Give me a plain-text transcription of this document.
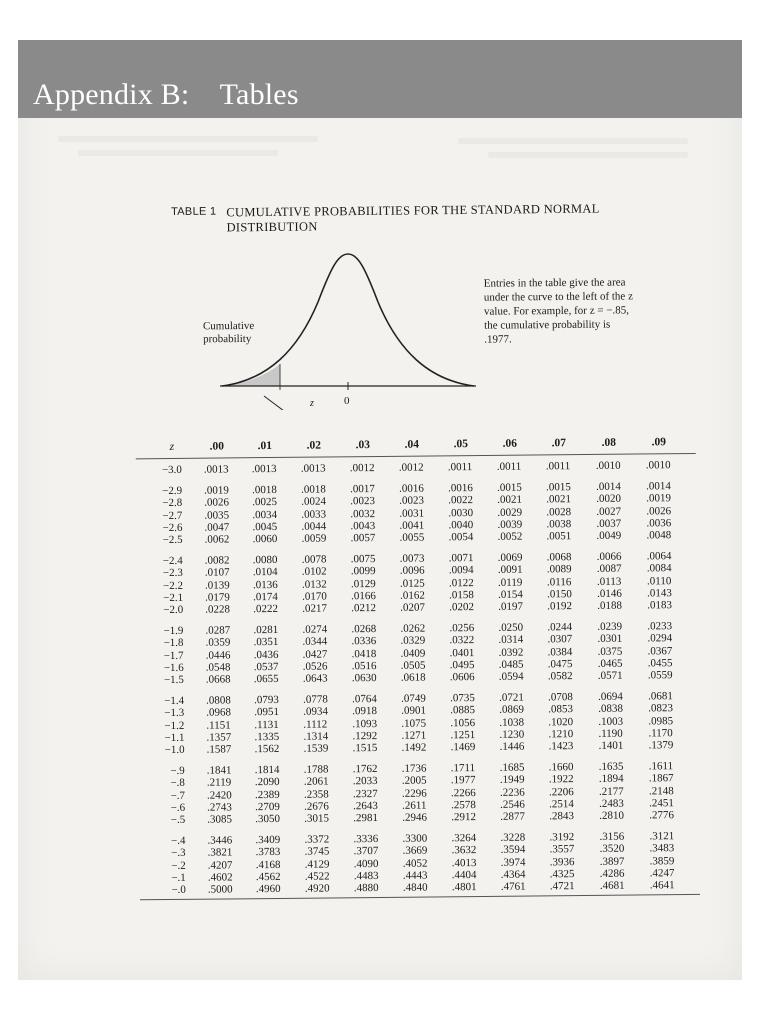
Appendix B:    Tables
$^{TABLE 1}$ CUMULATIVE PROBABILITIES FOR THE STANDARD NORMAL DISTRIBUTION
z	0
Cumulative probability
Entries in the table give the area under the curve to the left of the z value. For example, for z = −.85, the cumulative probability is .1977.
z	.00	.01	.02	.03	.04	.05	.06	.07	.08	.09
−3.0 .0013 .0013 .0013 .0012 .0012 .0011 .0011 .0011 .0010 .0010
−2.9 .0019 .0018 .0018 .0017 .0016 .0016 .0015 .0015 .0014 .0014
−2.8 .0026 .0025 .0024 .0023 .0023 .0022 .0021 .0021 .0020 .0019
−2.7 .0035 .0034 .0033 .0032 .0031 .0030 .0029 .0028 .0027 .0026
−2.6 .0047 .0045 .0044 .0043 .0041 .0040 .0039 .0038 .0037 .0036
−2.5 .0062 .0060 .0059 .0057 .0055 .0054 .0052 .0051 .0049 .0048
−2.4 .0082 .0080 .0078 .0075 .0073 .0071 .0069 .0068 .0066 .0064
−2.3 .0107 .0104 .0102 .0099 .0096 .0094 .0091 .0089 .0087 .0084
−2.2 .0139 .0136 .0132 .0129 .0125 .0122 .0119 .0116 .0113 .0110
−2.1 .0179 .0174 .0170 .0166 .0162 .0158 .0154 .0150 .0146 .0143
−2.0 .0228 .0222 .0217 .0212 .0207 .0202 .0197 .0192 .0188 .0183
−1.9 .0287 .0281 .0274 .0268 .0262 .0256 .0250 .0244 .0239 .0233
−1.8 .0359 .0351 .0344 .0336 .0329 .0322 .0314 .0307 .0301 .0294
−1.7 .0446 .0436 .0427 .0418 .0409 .0401 .0392 .0384 .0375 .0367
−1.6 .0548 .0537 .0526 .0516 .0505 .0495 .0485 .0475 .0465 .0455
−1.5 .0668 .0655 .0643 .0630 .0618 .0606 .0594 .0582 .0571 .0559
−1.4 .0808 .0793 .0778 .0764 .0749 .0735 .0721 .0708 .0694 .0681
−1.3 .0968 .0951 .0934 .0918 .0901 .0885 .0869 .0853 .0838 .0823
−1.2 .1151 .1131 .1112 .1093 .1075 .1056 .1038 .1020 .1003 .0985
−1.1 .1357 .1335 .1314 .1292 .1271 .1251 .1230 .1210 .1190 .1170
−1.0 .1587 .1562 .1539 .1515 .1492 .1469 .1446 .1423 .1401 .1379
−.9 .1841 .1814 .1788 .1762 .1736 .1711 .1685 .1660 .1635 .1611
−.8 .2119 .2090 .2061 .2033 .2005 .1977 .1949 .1922 .1894 .1867
−.7 .2420 .2389 .2358 .2327 .2296 .2266 .2236 .2206 .2177 .2148
−.6 .2743 .2709 .2676 .2643 .2611 .2578 .2546 .2514 .2483 .2451
−.5 .3085 .3050 .3015 .2981 .2946 .2912 .2877 .2843 .2810 .2776
−.4 .3446 .3409 .3372 .3336 .3300 .3264 .3228 .3192 .3156 .3121
−.3 .3821 .3783 .3745 .3707 .3669 .3632 .3594 .3557 .3520 .3483
−.2 .4207 .4168 .4129 .4090 .4052 .4013 .3974 .3936 .3897 .3859
−.1 .4602 .4562 .4522 .4483 .4443 .4404 .4364 .4325 .4286 .4247
−.0 .5000 .4960 .4920 .4880 .4840 .4801 .4761 .4721 .4681 .4641
